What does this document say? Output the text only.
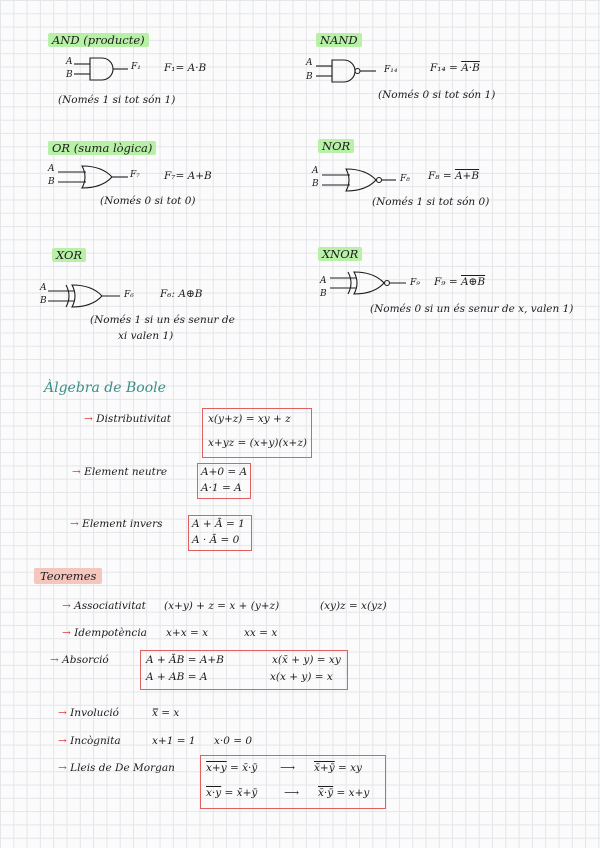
AND (producte)
A
B
F₁ F₁= A·B
(Només 1 si tot són 1)
NAND
A
B
F₁₄	F₁₄ = A·B
(Només 0 si tot són 1)
OR (suma lògica)
A
B
F₇ F₇= A+B
(Només 0 si tot 0)
NOR
A
B	F₈ F₈ = A+B
(Només 1 si tot són 0)
XOR
A
B
F₆ F₆: A⊕B
(Només 1 si un és senur de
xi valen 1)
XNOR
A
B
F₉ F₉ = A⊕B
(Només 0 si un és senur de x, valen 1)
Àlgebra de Boole
→ Distributivitat	x(y+z) = xy + z
x+yz = (x+y)(x+z)
→ Element neutre	A+0 = A
A·1 = A
→ Element invers	A + Ā = 1
A · Ā = 0
Teoremes
→ Associativitat (x+y) + z = x + (y+z)	(xy)z = x(yz)
→ Idempotència x+x = x	xx = x
→ Absorció	A + ĀB = A+B	x(x̄ + y) = xy
A + AB = A	x(x + y) = x
→ Involució	x̿ = x
→ Incògnita	x+1 = 1 x·0 = 0
→ Lleis de De Morgan	x+y = x̄·ȳ ⟶ x̄+ȳ = xy
x·y = x̄+ȳ	⟶ x̄·ȳ = x+y
